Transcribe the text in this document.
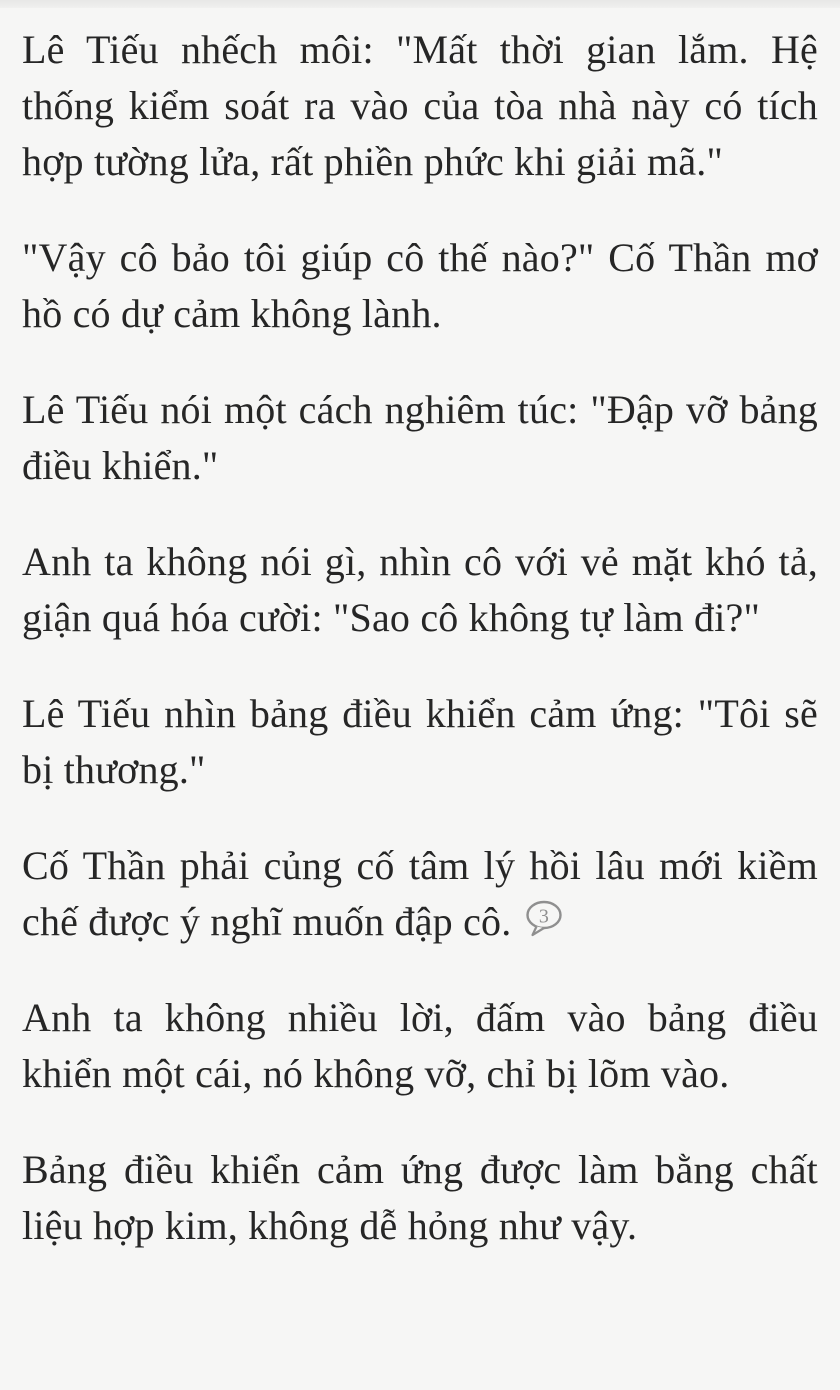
Lê Tiếu nhếch môi: "Mất thời gian lắm. Hệ thống kiểm soát ra vào của tòa nhà này có tích hợp tường lửa, rất phiền phức khi giải mã."

"Vậy cô bảo tôi giúp cô thế nào?" Cố Thần mơ hồ có dự cảm không lành.

Lê Tiếu nói một cách nghiêm túc: "Đập vỡ bảng điều khiển."

Anh ta không nói gì, nhìn cô với vẻ mặt khó tả, giận quá hóa cười: "Sao cô không tự làm đi?"

Lê Tiếu nhìn bảng điều khiển cảm ứng: "Tôi sẽ bị thương."

Cố Thần phải củng cố tâm lý hồi lâu mới kiềm chế được ý nghĩ muốn đập cô. 3

Anh ta không nhiều lời, đấm vào bảng điều khiển một cái, nó không vỡ, chỉ bị lõm vào.

Bảng điều khiển cảm ứng được làm bằng chất liệu hợp kim, không dễ hỏng như vậy.
